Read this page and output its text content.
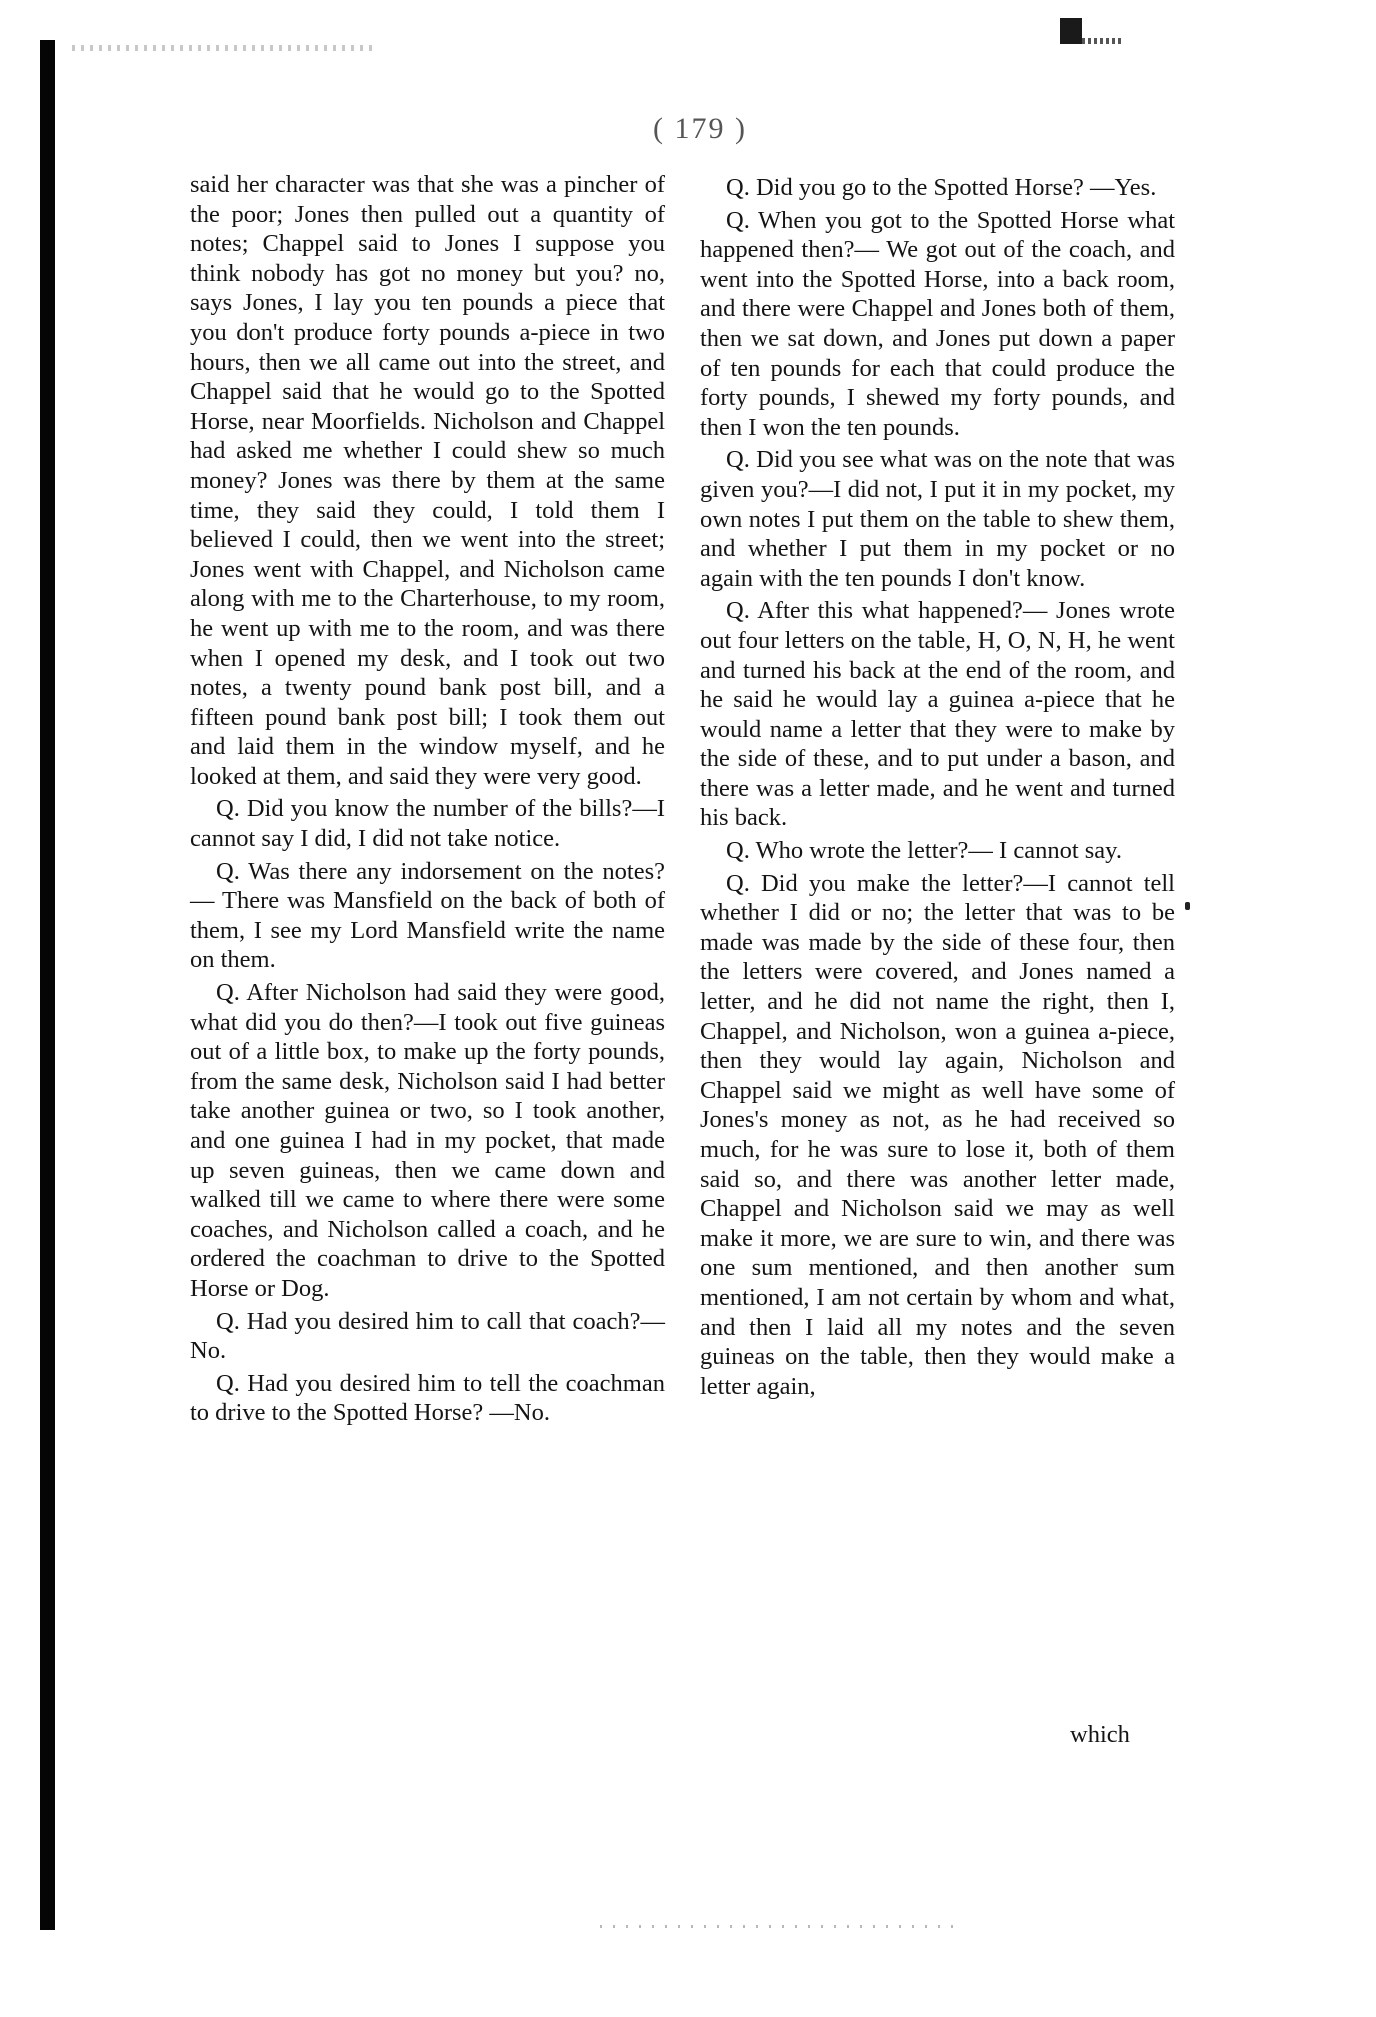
( 179 )

said her character was that she was a pincher of the poor; Jones then pulled out a quantity of notes; Chappel said to Jones I suppose you think nobody has got no money but you? no, says Jones, I lay you ten pounds a piece that you don't produce forty pounds a-piece in two hours, then we all came out into the street, and Chappel said that he would go to the Spotted Horse, near Moorfields. Nicholson and Chappel had asked me whether I could shew so much money? Jones was there by them at the same time, they said they could, I told them I believed I could, then we went into the street; Jones went with Chappel, and Nicholson came along with me to the Charterhouse, to my room, he went up with me to the room, and was there when I opened my desk, and I took out two notes, a twenty pound bank post bill, and a fifteen pound bank post bill; I took them out and laid them in the window myself, and he looked at them, and said they were very good.

Q. Did you know the number of the bills?—I cannot say I did, I did not take notice.

Q. Was there any indorsement on the notes?— There was Mansfield on the back of both of them, I see my Lord Mansfield write the name on them.

Q. After Nicholson had said they were good, what did you do then?—I took out five guineas out of a little box, to make up the forty pounds, from the same desk, Nicholson said I had better take another guinea or two, so I took another, and one guinea I had in my pocket, that made up seven guineas, then we came down and walked till we came to where there were some coaches, and Nicholson called a coach, and he ordered the coachman to drive to the Spotted Horse or Dog.

Q. Had you desired him to call that coach?—No.

Q. Had you desired him to tell the coachman to drive to the Spotted Horse? —No.

Q. Did you go to the Spotted Horse? —Yes.

Q. When you got to the Spotted Horse what happened then?— We got out of the coach, and went into the Spotted Horse, into a back room, and there were Chappel and Jones both of them, then we sat down, and Jones put down a paper of ten pounds for each that could produce the forty pounds, I shewed my forty pounds, and then I won the ten pounds.

Q. Did you see what was on the note that was given you?—I did not, I put it in my pocket, my own notes I put them on the table to shew them, and whether I put them in my pocket or no again with the ten pounds I don't know.

Q. After this what happened?— Jones wrote out four letters on the table, H, O, N, H, he went and turned his back at the end of the room, and he said he would lay a guinea a-piece that he would name a letter that they were to make by the side of these, and to put under a bason, and there was a letter made, and he went and turned his back.

Q. Who wrote the letter?— I cannot say.

Q. Did you make the letter?—I cannot tell whether I did or no; the letter that was to be made was made by the side of these four, then the letters were covered, and Jones named a letter, and he did not name the right, then I, Chappel, and Nicholson, won a guinea a-piece, then they would lay again, Nicholson and Chappel said we might as well have some of Jones's money as not, as he had received so much, for he was sure to lose it, both of them said so, and there was another letter made, Chappel and Nicholson said we may as well make it more, we are sure to win, and there was one sum mentioned, and then another sum mentioned, I am not certain by whom and what, and then I laid all my notes and the seven guineas on the table, then they would make a letter again,

which
